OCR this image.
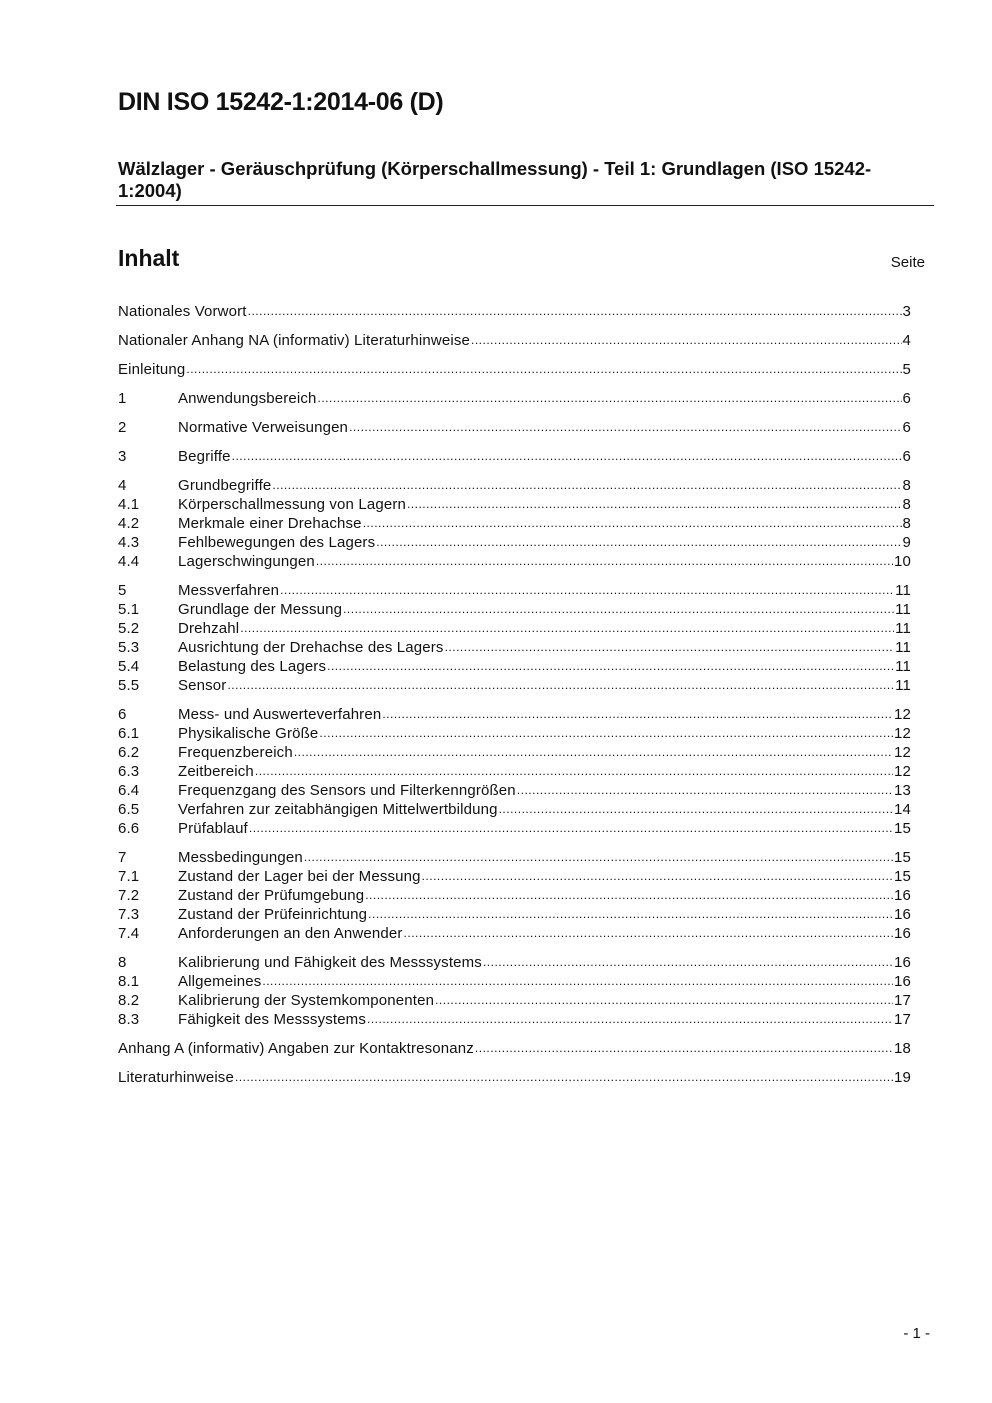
DIN ISO 15242-1:2014-06 (D)
Wälzlager - Geräuschprüfung (Körperschallmessung) - Teil 1: Grundlagen (ISO 15242-1:2004)
Inhalt	Seite
Nationales Vorwort .....	3
Nationaler Anhang NA (informativ) Literaturhinweise .....	4
Einleitung .....	5
1	Anwendungsbereich .....	6
2	Normative Verweisungen .....	6
3	Begriffe .....	6
4	Grundbegriffe .....	8
4.1	Körperschallmessung von Lagern .....	8
4.2	Merkmale einer Drehachse .....	8
4.3	Fehlbewegungen des Lagers .....	9
4.4	Lagerschwingungen .....	10
5	Messverfahren .....	11
5.1	Grundlage der Messung .....	11
5.2	Drehzahl .....	11
5.3	Ausrichtung der Drehachse des Lagers .....	11
5.4	Belastung des Lagers .....	11
5.5	Sensor .....	11
6	Mess- und Auswerteverfahren .....	12
6.1	Physikalische Größe .....	12
6.2	Frequenzbereich .....	12
6.3	Zeitbereich .....	12
6.4	Frequenzgang des Sensors und Filterkenngrößen .....	13
6.5	Verfahren zur zeitabhängigen Mittelwertbildung .....	14
6.6	Prüfablauf .....	15
7	Messbedingungen .....	15
7.1	Zustand der Lager bei der Messung .....	15
7.2	Zustand der Prüfumgebung .....	16
7.3	Zustand der Prüfeinrichtung .....	16
7.4	Anforderungen an den Anwender .....	16
8	Kalibrierung und Fähigkeit des Messsystems .....	16
8.1	Allgemeines .....	16
8.2	Kalibrierung der Systemkomponenten .....	17
8.3	Fähigkeit des Messsystems .....	17
Anhang A (informativ) Angaben zur Kontaktresonanz .....	18
Literaturhinweise .....	19
- 1 -
